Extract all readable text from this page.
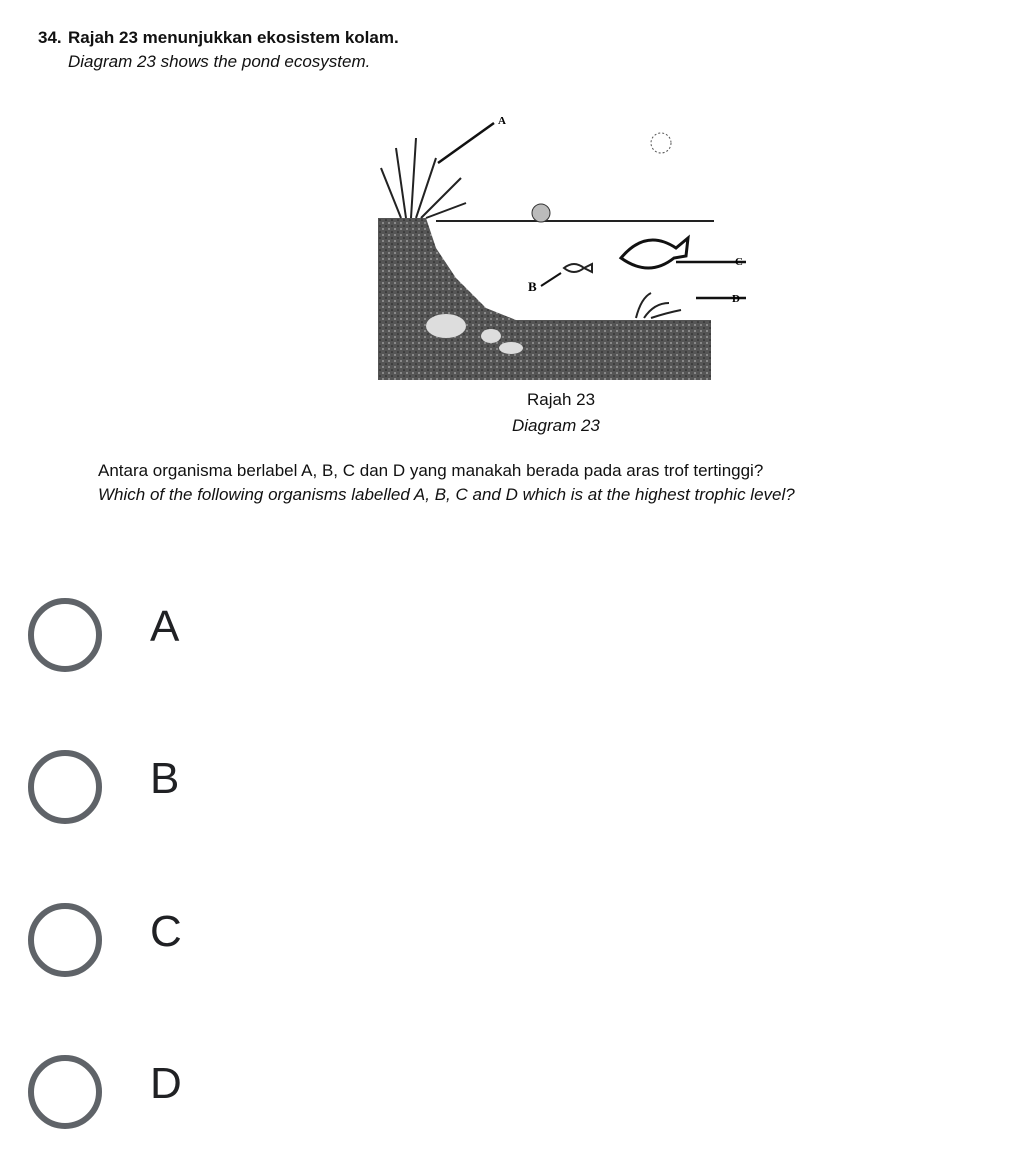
34. Rajah 23 menunjukkan ekosistem kolam.
Diagram 23 shows the pond ecosystem.
A
B
C
D
Rajah 23
Diagram 23
Antara organisma berlabel A, B, C dan D yang manakah berada pada aras trof tertinggi?
Which of the following organisms labelled A, B, C and D which is at the highest trophic level?
A
B
C
D
